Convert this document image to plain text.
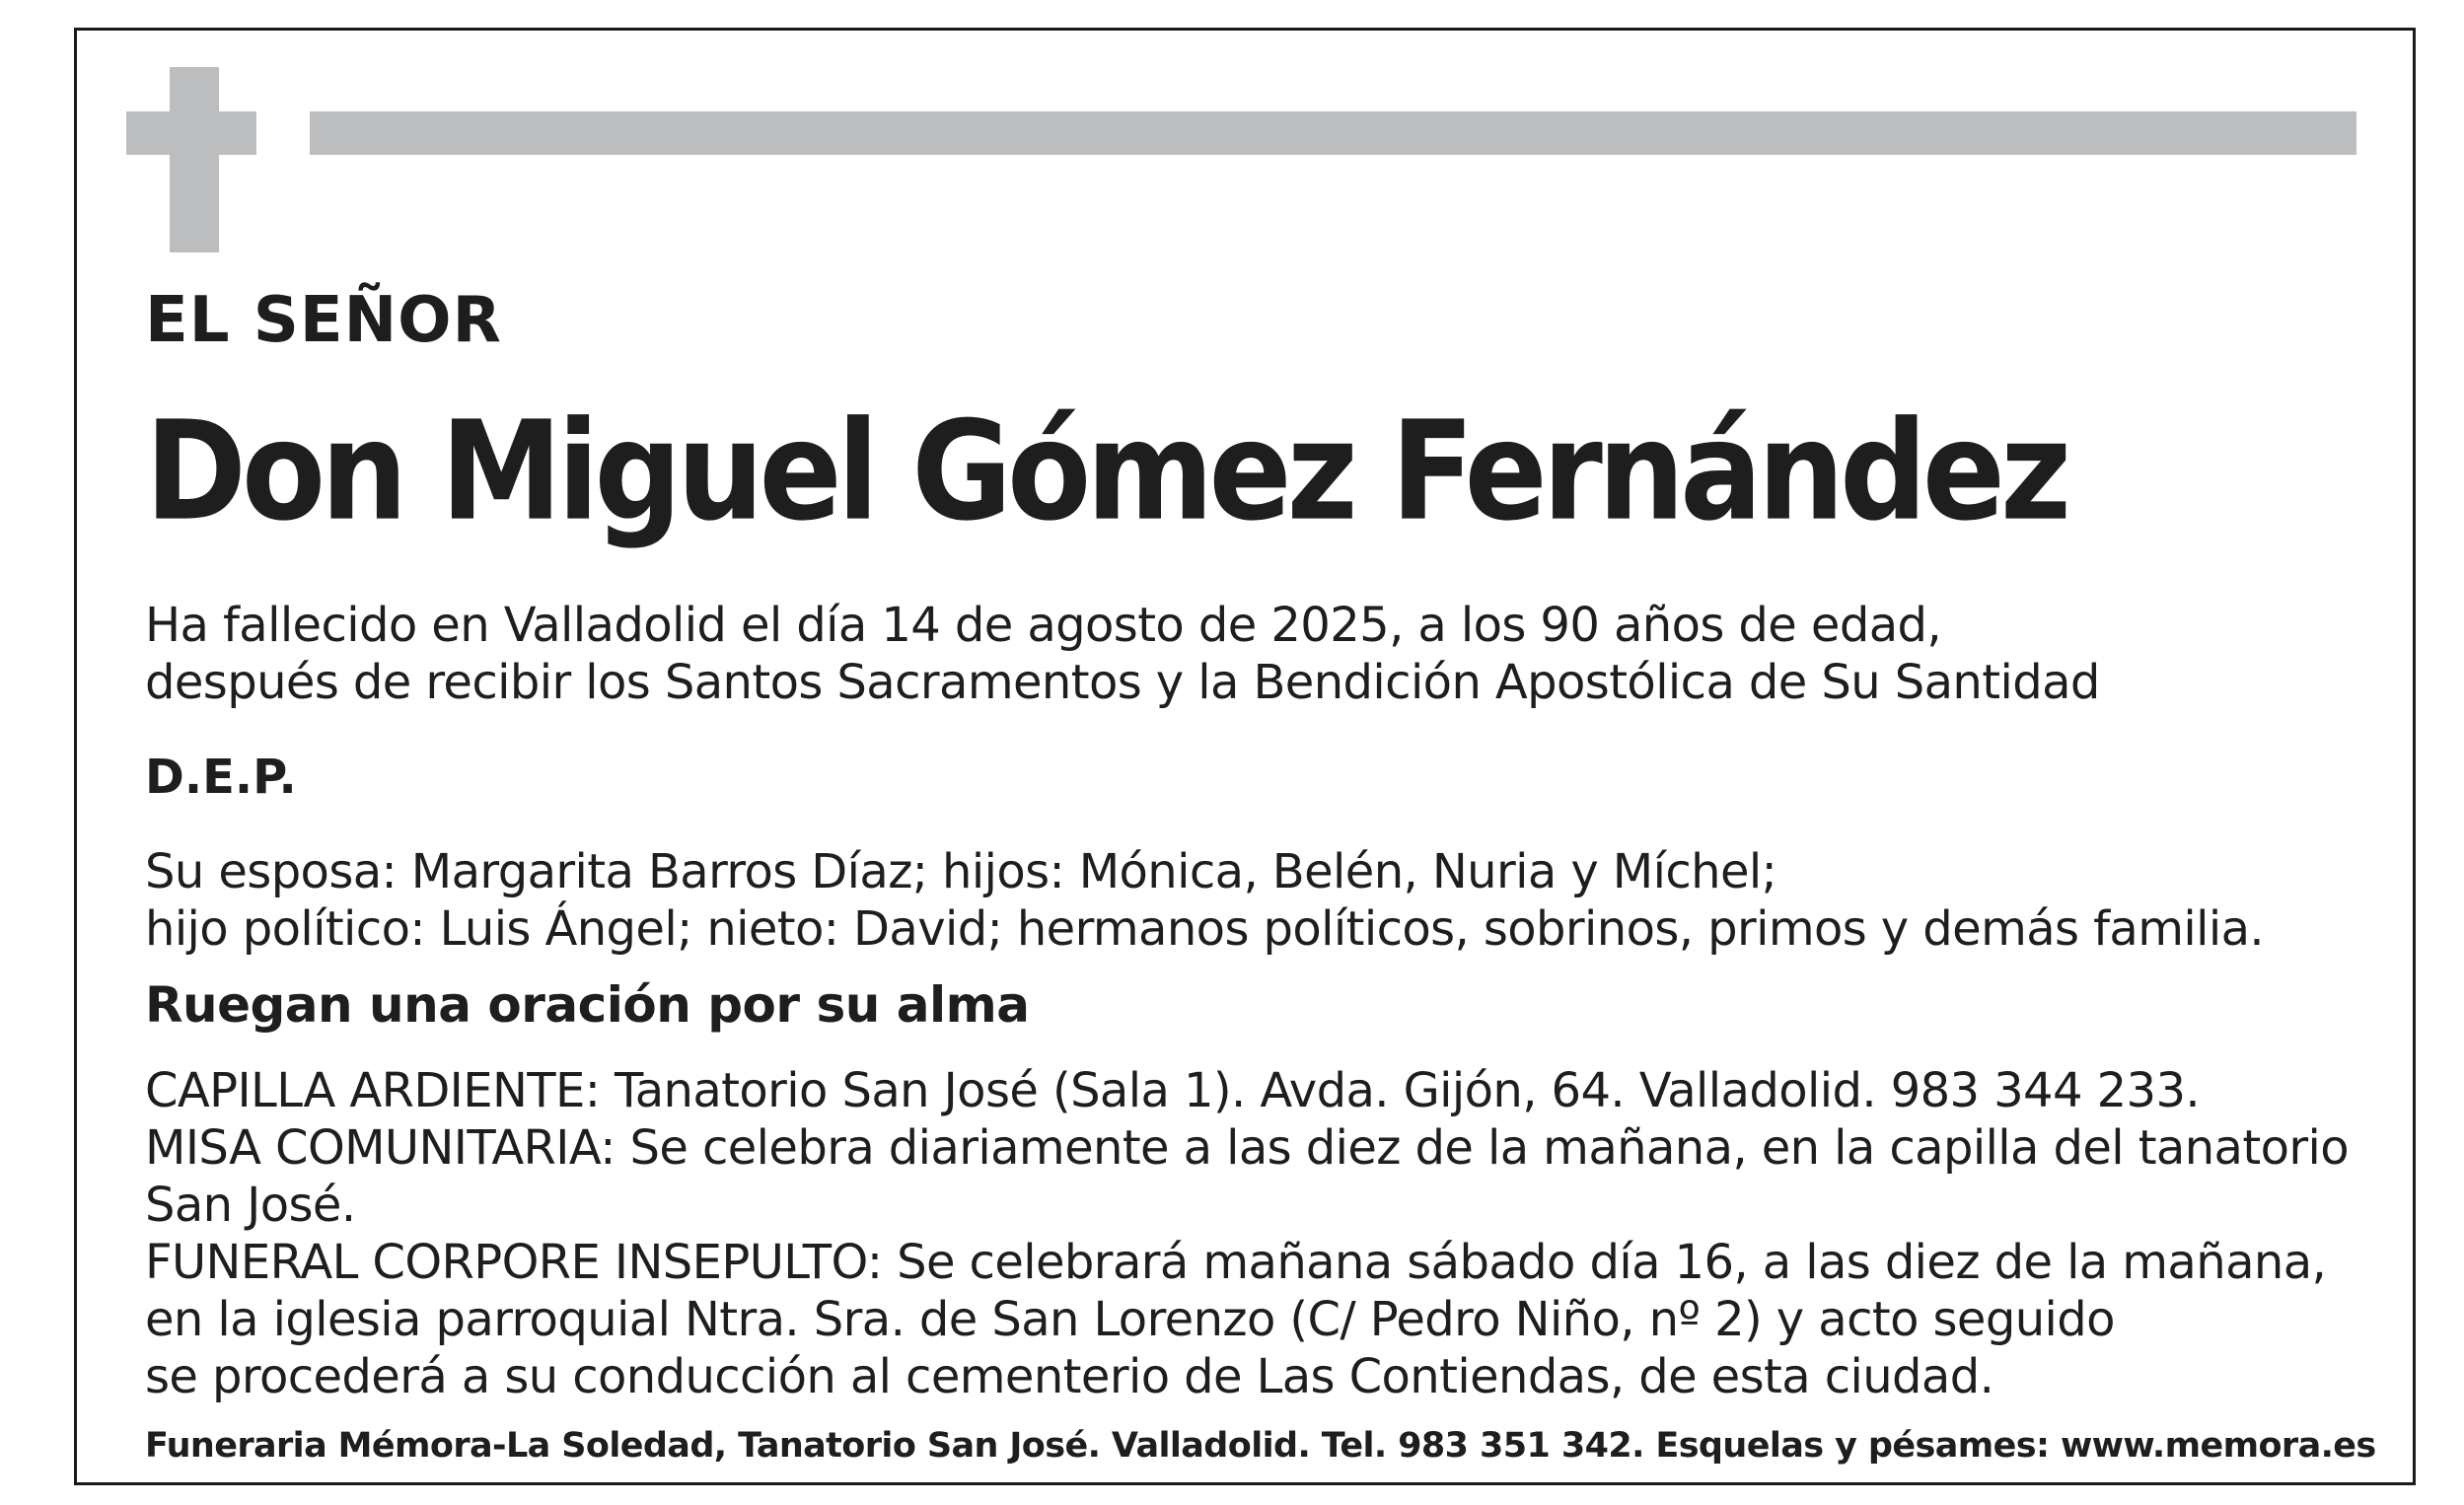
EL SEÑOR
Don Miguel Gómez Fernández
Ha fallecido en Valladolid el día 14 de agosto de 2025, a los 90 años de edad,
después de recibir los Santos Sacramentos y la Bendición Apostólica de Su Santidad
D.E.P.
Su esposa: Margarita Barros Díaz; hijos: Mónica, Belén, Nuria y Míchel;
hijo político: Luis Ángel; nieto: David; hermanos políticos, sobrinos, primos y demás familia.
Ruegan una oración por su alma
CAPILLA ARDIENTE: Tanatorio San José (Sala 1). Avda. Gijón, 64. Valladolid. 983 344 233.
MISA COMUNITARIA: Se celebra diariamente a las diez de la mañana, en la capilla del tanatorio
San José.
FUNERAL CORPORE INSEPULTO: Se celebrará mañana sábado día 16, a las diez de la mañana,
en la iglesia parroquial Ntra. Sra. de San Lorenzo (C/ Pedro Niño, nº 2) y acto seguido
se procederá a su conducción al cementerio de Las Contiendas, de esta ciudad.
Funeraria Mémora-La Soledad, Tanatorio San José. Valladolid. Tel. 983 351 342. Esquelas y pésames: www.memora.es
